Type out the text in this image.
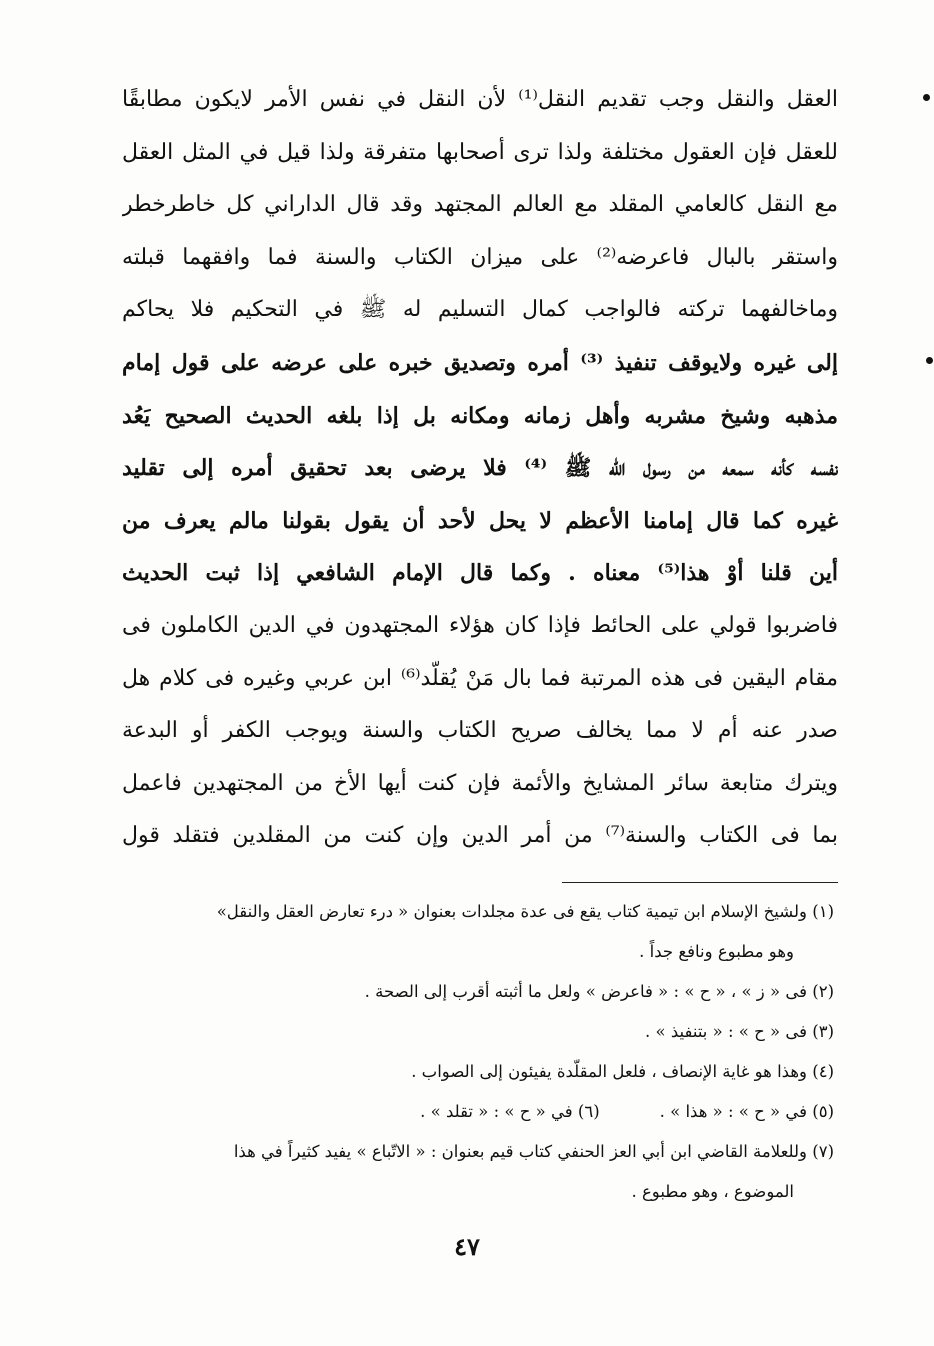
العقل والنقل وجب تقديم النقل⁽¹⁾ لأن النقل في نفس الأمر لايكون مطابقًا
للعقل فإن العقول مختلفة ولذا ترى أصحابها متفرقة ولذا قيل في المثل العقل
مع النقل كالعامي المقلد مع العالم المجتهد وقد قال الداراني كل خاطرخطر
واستقر بالبال فاعرضه⁽²⁾ على ميزان الكتاب والسنة فما وافقهما قبلته
وماخالفهما تركته فالواجب كمال التسليم له ﷺ في التحكيم فلا يحاكم
إلى غيره ولايوقف تنفيذ ⁽³⁾ أمره وتصديق خبره على عرضه على قول إمام
مذهبه وشيخ مشربه وأهل زمانه ومكانه بل إذا بلغه الحديث الصحيح يَعُد
نفسه كأنه سمعه من رسول الله ﷺ ⁽⁴⁾ فلا يرضى بعد تحقيق أمره إلى تقليد
غيره كما قال إمامنا الأعظم لا يحل لأحد أن يقول بقولنا مالم يعرف من
أين قلنا أوْ هذا⁽⁵⁾ معناه . وكما قال الإمام الشافعي إذا ثبت الحديث
فاضربوا قولي على الحائط فإذا كان هؤلاء المجتهدون في الدين الكاملون فى
مقام اليقين فى هذه المرتبة فما بال مَنْ يُقلّد⁽⁶⁾ ابن عربي وغيره فى كلام هل
صدر عنه أم لا مما يخالف صريح الكتاب والسنة ويوجب الكفر أو البدعة
ويترك متابعة سائر المشايخ والأئمة فإن كنت أيها الأخ من المجتهدين فاعمل
بما فى الكتاب والسنة⁽⁷⁾ من أمر الدين وإن كنت من المقلدين فتقلد قول
(١) ولشيخ الإسلام ابن تيمية كتاب يقع فى عدة مجلدات بعنوان « درء تعارض العقل والنقل»
وهو مطبوع ونافع جداً .
(٢) فى « ز » ، « ح » : « فاعرض » ولعل ما أثبته أقرب إلى الصحة .
(٣) فى « ح » : « بتنفيذ » .
(٤) وهذا هو غاية الإنصاف ، فلعل المقلّدة يفيئون إلى الصواب .
(٥) في « ح » : « هذا » .
(٦) في « ح » : « تقلد » .
(٧) وللعلامة القاضي ابن أبي العز الحنفي كتاب قيم بعنوان : « الاتّباع » يفيد كثيراً في هذا
الموضوع ، وهو مطبوع .
٤٧
